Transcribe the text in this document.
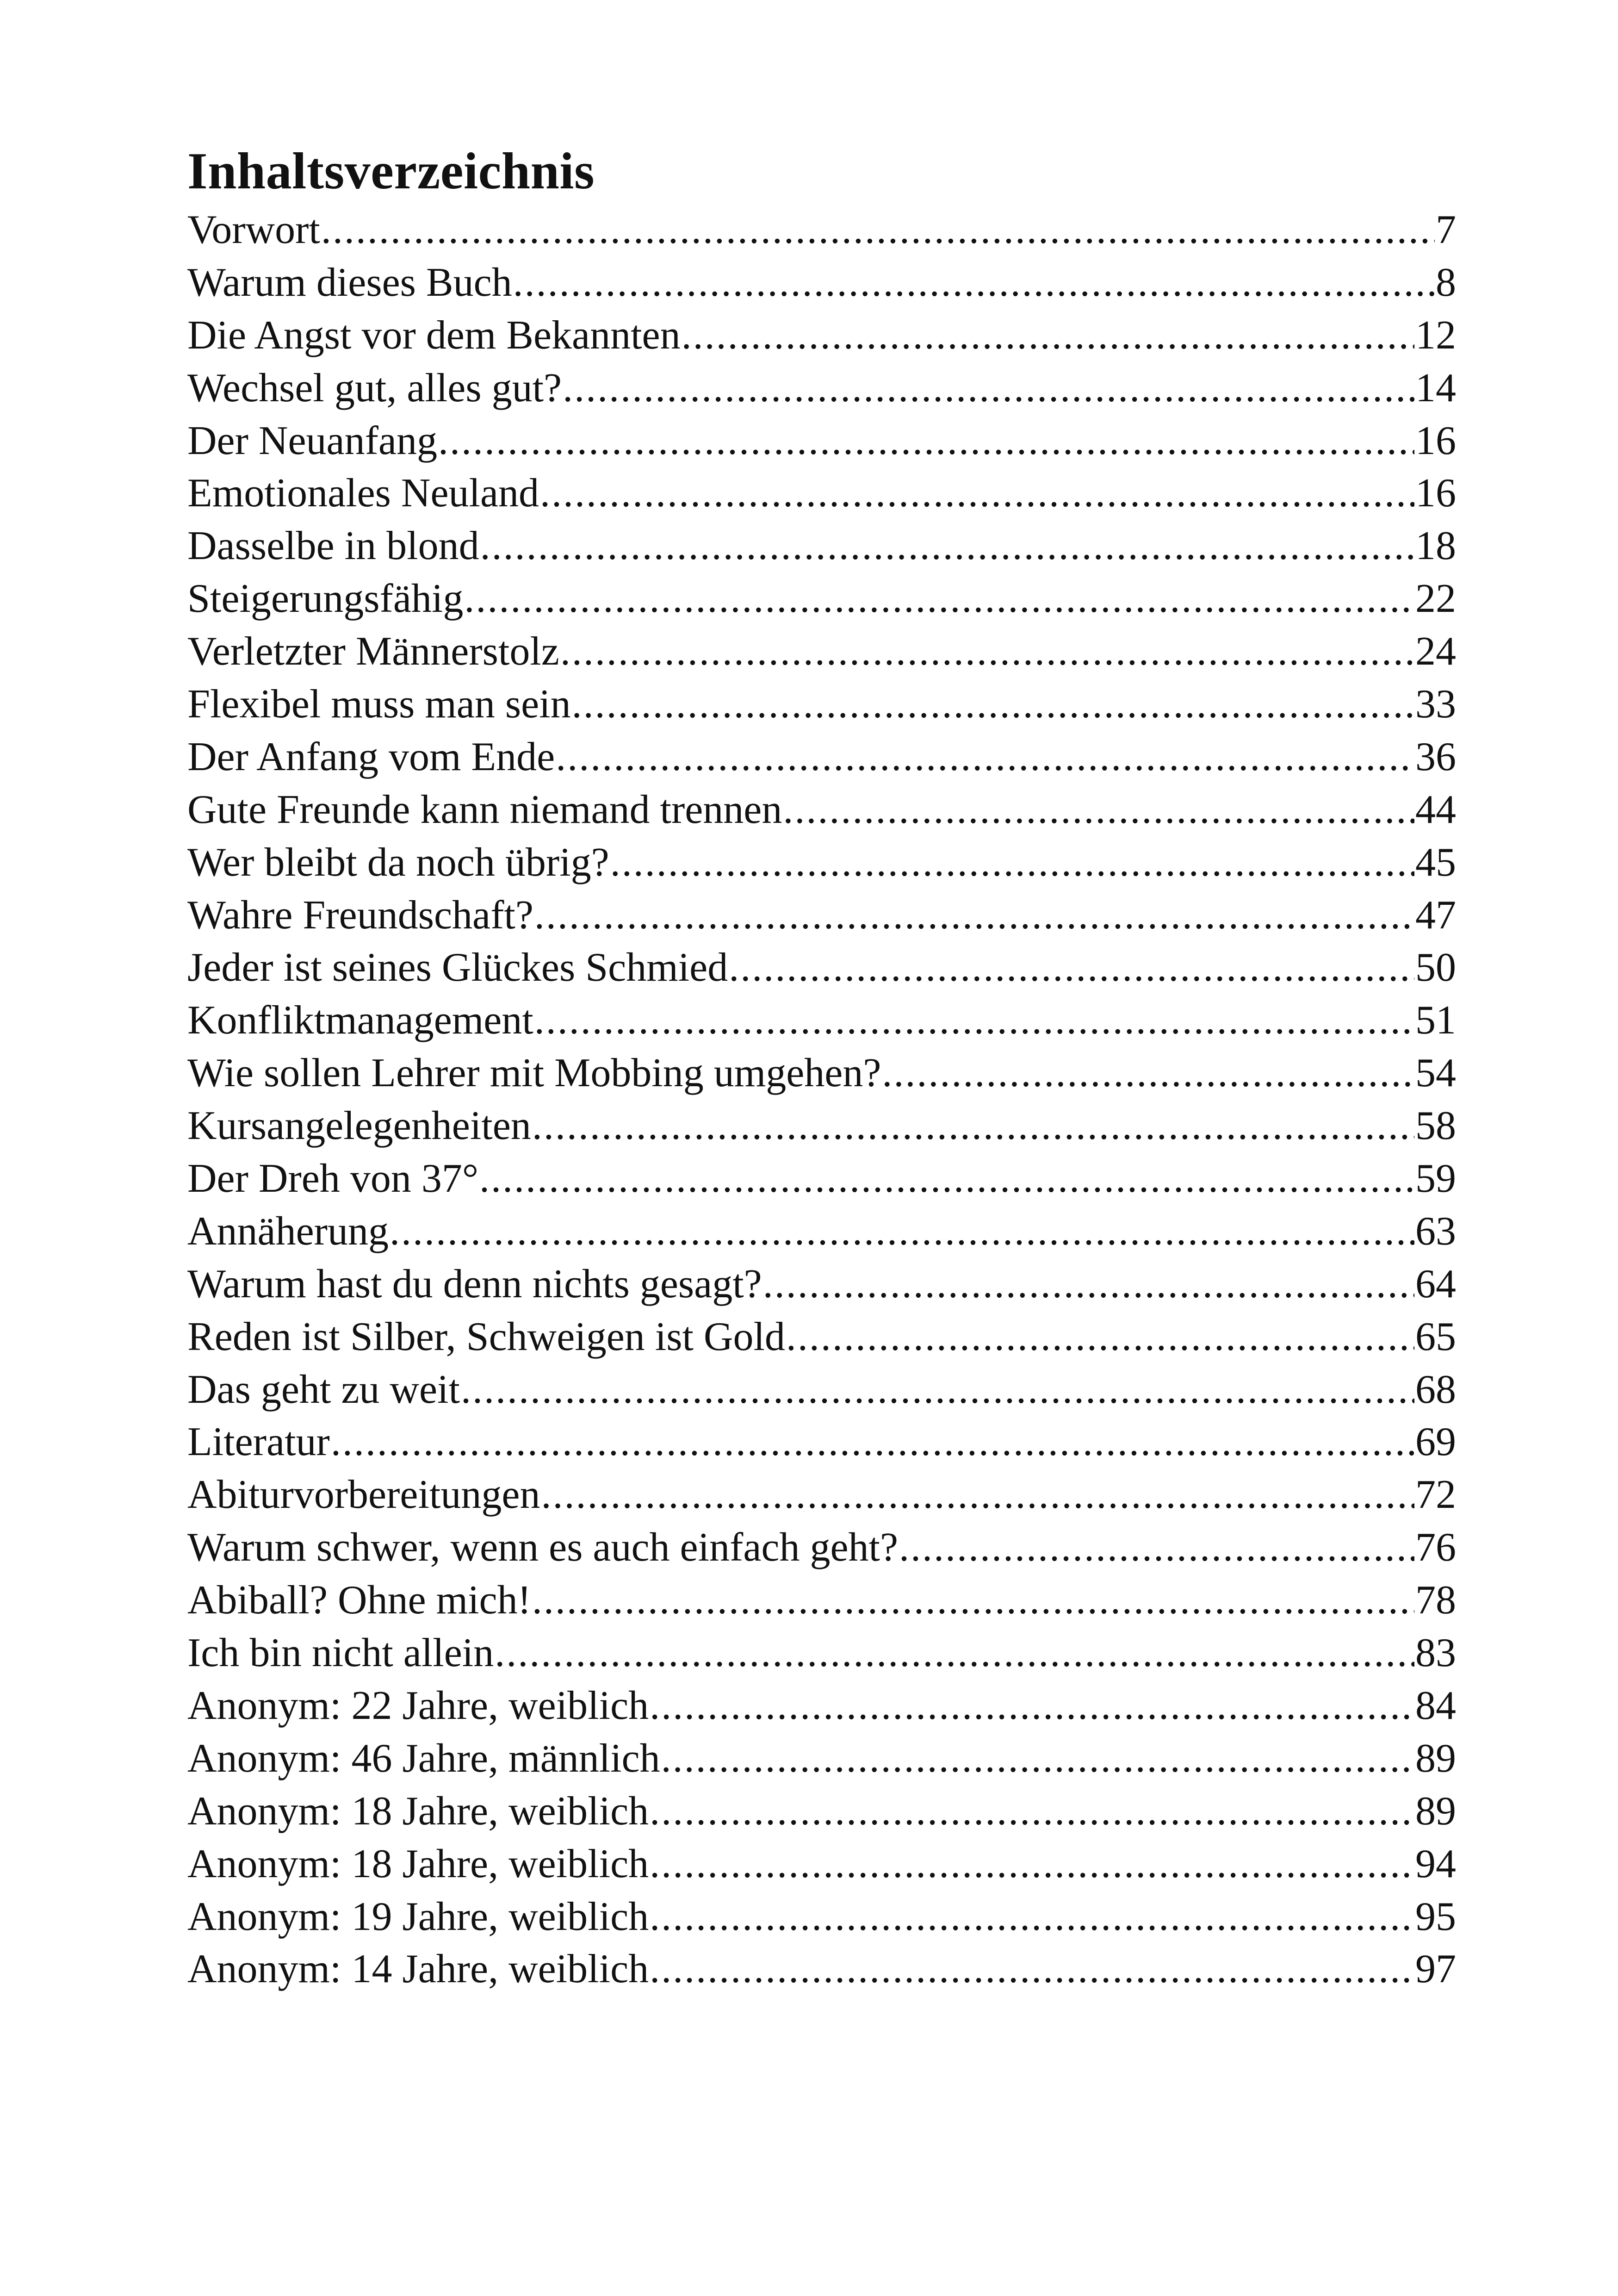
Inhaltsverzeichnis
Vorwort .....	7
Warum dieses Buch .....	8
Die Angst vor dem Bekannten .....	12
Wechsel gut, alles gut? .....	14
Der Neuanfang .....	16
Emotionales Neuland .....	16
Dasselbe in blond .....	18
Steigerungsfähig .....	22
Verletzter Männerstolz .....	24
Flexibel muss man sein .....	33
Der Anfang vom Ende .....	36
Gute Freunde kann niemand trennen .....	44
Wer bleibt da noch übrig? .....	45
Wahre Freundschaft? .....	47
Jeder ist seines Glückes Schmied .....	50
Konfliktmanagement .....	51
Wie sollen Lehrer mit Mobbing umgehen? .....	54
Kursangelegenheiten .....	58
Der Dreh von 37° .....	59
Annäherung .....	63
Warum hast du denn nichts gesagt? .....	64
Reden ist Silber, Schweigen ist Gold .....	65
Das geht zu weit .....	68
Literatur .....	69
Abiturvorbereitungen .....	72
Warum schwer, wenn es auch einfach geht? .....	76
Abiball? Ohne mich! .....	78
Ich bin nicht allein .....	83
Anonym: 22 Jahre, weiblich .....	84
Anonym: 46 Jahre, männlich .....	89
Anonym: 18 Jahre, weiblich .....	89
Anonym: 18 Jahre, weiblich .....	94
Anonym: 19 Jahre, weiblich .....	95
Anonym: 14 Jahre, weiblich .....	97
